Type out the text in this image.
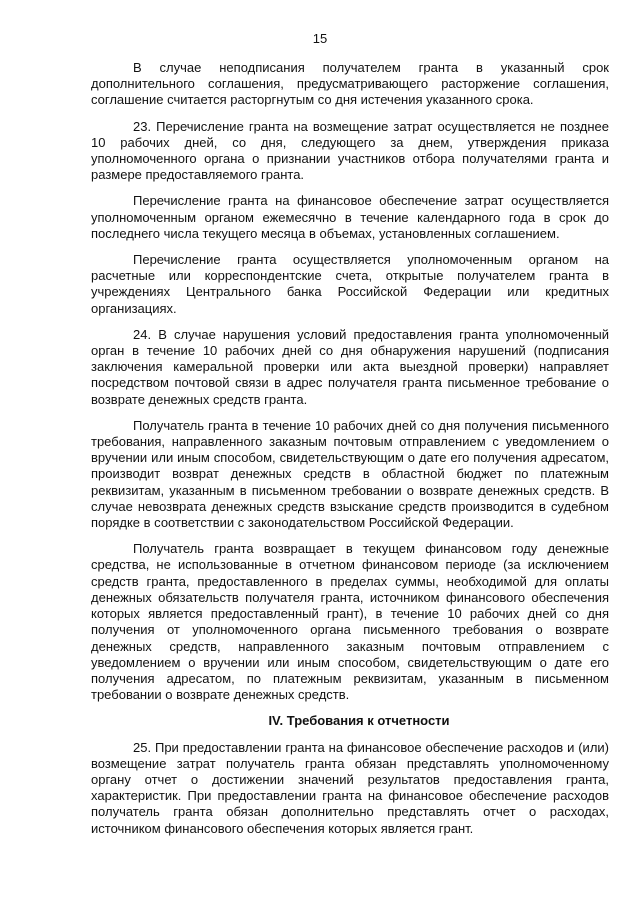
15

В случае неподписания получателем гранта в указанный срок дополнительного соглашения, предусматривающего расторжение соглашения, соглашение считается расторгнутым со дня истечения указанного срока.

23. Перечисление гранта на возмещение затрат осуществляется не позднее 10 рабочих дней, со дня, следующего за днем, утверждения приказа уполномоченного органа о признании участников отбора получателями гранта и размере предоставляемого гранта.

Перечисление гранта на финансовое обеспечение затрат осуществляется уполномоченным органом ежемесячно в течение календарного года в срок до последнего числа текущего месяца в объемах, установленных соглашением.

Перечисление гранта осуществляется уполномоченным органом на расчетные или корреспондентские счета, открытые получателем гранта в учреждениях Центрального банка Российской Федерации или кредитных организациях.

24. В случае нарушения условий предоставления гранта уполномоченный орган в течение 10 рабочих дней со дня обнаружения нарушений (подписания заключения камеральной проверки или акта выездной проверки) направляет посредством почтовой связи в адрес получателя гранта письменное требование о возврате денежных средств гранта.

Получатель гранта в течение 10 рабочих дней со дня получения письменного требования, направленного заказным почтовым отправлением с уведомлением о вручении или иным способом, свидетельствующим о дате его получения адресатом, производит возврат денежных средств в областной бюджет по платежным реквизитам, указанным в письменном требовании о возврате денежных средств. В случае невозврата денежных средств взыскание средств производится в судебном порядке в соответствии с законодательством Российской Федерации.

Получатель гранта возвращает в текущем финансовом году денежные средства, не использованные в отчетном финансовом периоде (за исключением средств гранта, предоставленного в пределах суммы, необходимой для оплаты денежных обязательств получателя гранта, источником финансового обеспечения которых является предоставленный грант), в течение 10 рабочих дней со дня получения от уполномоченного органа письменного требования о возврате денежных средств, направленного заказным почтовым отправлением с уведомлением о вручении или иным способом, свидетельствующим о дате его получения адресатом, по платежным реквизитам, указанным в письменном требовании о возврате денежных средств.

IV. Требования к отчетности

25. При предоставлении гранта на финансовое обеспечение расходов и (или) возмещение затрат получатель гранта обязан представлять уполномоченному органу отчет о достижении значений результатов предоставления гранта, характеристик. При предоставлении гранта на финансовое обеспечение расходов получатель гранта обязан дополнительно представлять отчет о расходах, источником финансового обеспечения которых является грант.
